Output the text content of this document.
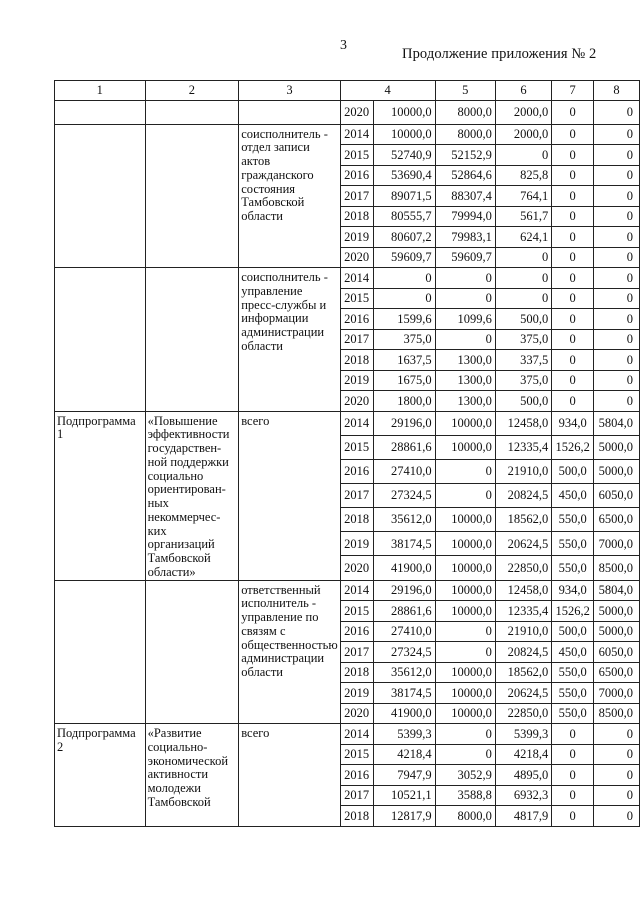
3
Продолжение приложения № 2
1	2	3	4		5	6	7	8
			2020	10000,0	8000,0	2000,0	0	0
		соисполнитель - отдел записи актов гражданского состояния Тамбовской области	2014	10000,0	8000,0	2000,0	0	0
			2015	52740,9	52152,9	0	0	0
			2016	53690,4	52864,6	825,8	0	0
			2017	89071,5	88307,4	764,1	0	0
			2018	80555,7	79994,0	561,7	0	0
			2019	80607,2	79983,1	624,1	0	0
			2020	59609,7	59609,7	0	0	0
		соисполнитель - управление пресс-службы и информации администрации области	2014	0	0	0	0	0
			2015	0	0	0	0	0
			2016	1599,6	1099,6	500,0	0	0
			2017	375,0	0	375,0	0	0
			2018	1637,5	1300,0	337,5	0	0
			2019	1675,0	1300,0	375,0	0	0
			2020	1800,0	1300,0	500,0	0	0
Подпрограмма 1	«Повышение эффективности государствен-ной поддержки социально ориентирован-ных некоммерчес-ких организаций Тамбовской области»	всего	2014	29196,0	10000,0	12458,0	934,0	5804,0
			2015	28861,6	10000,0	12335,4	1526,2	5000,0
			2016	27410,0	0	21910,0	500,0	5000,0
			2017	27324,5	0	20824,5	450,0	6050,0
			2018	35612,0	10000,0	18562,0	550,0	6500,0
			2019	38174,5	10000,0	20624,5	550,0	7000,0
			2020	41900,0	10000,0	22850,0	550,0	8500,0
		ответственный исполнитель - управление по связям с общественностью администрации области	2014	29196,0	10000,0	12458,0	934,0	5804,0
			2015	28861,6	10000,0	12335,4	1526,2	5000,0
			2016	27410,0	0	21910,0	500,0	5000,0
			2017	27324,5	0	20824,5	450,0	6050,0
			2018	35612,0	10000,0	18562,0	550,0	6500,0
			2019	38174,5	10000,0	20624,5	550,0	7000,0
			2020	41900,0	10000,0	22850,0	550,0	8500,0
Подпрограмма 2	«Развитие социально-экономической активности молодежи Тамбовской	всего	2014	5399,3	0	5399,3	0	0
			2015	4218,4	0	4218,4	0	0
			2016	7947,9	3052,9	4895,0	0	0
			2017	10521,1	3588,8	6932,3	0	0
			2018	12817,9	8000,0	4817,9	0	0
